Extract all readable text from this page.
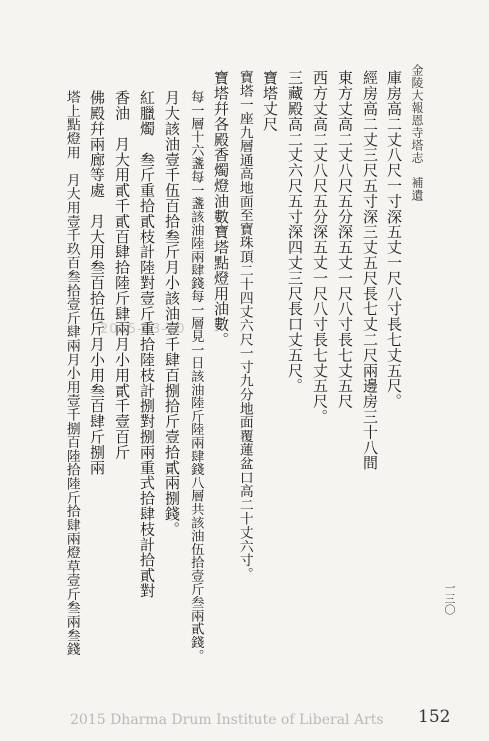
金陵大報恩寺塔志　補遺
庫房高二丈八尺一寸深五丈一尺八寸長七丈五尺。
經房高二丈三尺五寸深三丈五尺長七丈二尺兩邊房三十八間
東方丈高二丈八尺五分深五丈一尺八寸長七丈五尺
西方丈高二丈八尺五分深五丈一尺八寸長七丈五尺。
三藏殿高二丈六尺五寸深四丈三尺長口丈五尺。
寶塔丈尺
寶塔一座九層通高地面至寶珠頂二十四丈六尺一寸九分地面覆蓮盆口高二十丈六寸。
寶塔幷各殿香燭燈油數寶塔點燈用油數。
每一層十六盞每一盞該油陸兩肆錢每一層見一日該油陸斤陸兩肆錢八層共該油伍拾壹斤叁兩貳錢。
月大該油壹千伍百拾叁斤月小該油壹千肆百捌拾斤壹拾貳兩捌錢。
紅臘燭　叁斤重拾貳枝計陸對壹斤重拾陸枝計捌對捌兩重式拾肆枝計拾貳對
香油　月大用貳千貳百肆拾陸斤肆兩月小用貳千壹百斤
佛殿幷兩廊等處　月大用叁百拾伍斤月小用叁百肆斤捌兩
塔上點燈用　月大用壹千玖百叁拾壹斤肆兩月小用壹千捌百陸拾陸斤拾肆兩燈草壹斤叁兩叁錢	一三〇
2015-03-10
2015 Dharma Drum Institute of Liberal Arts	152
